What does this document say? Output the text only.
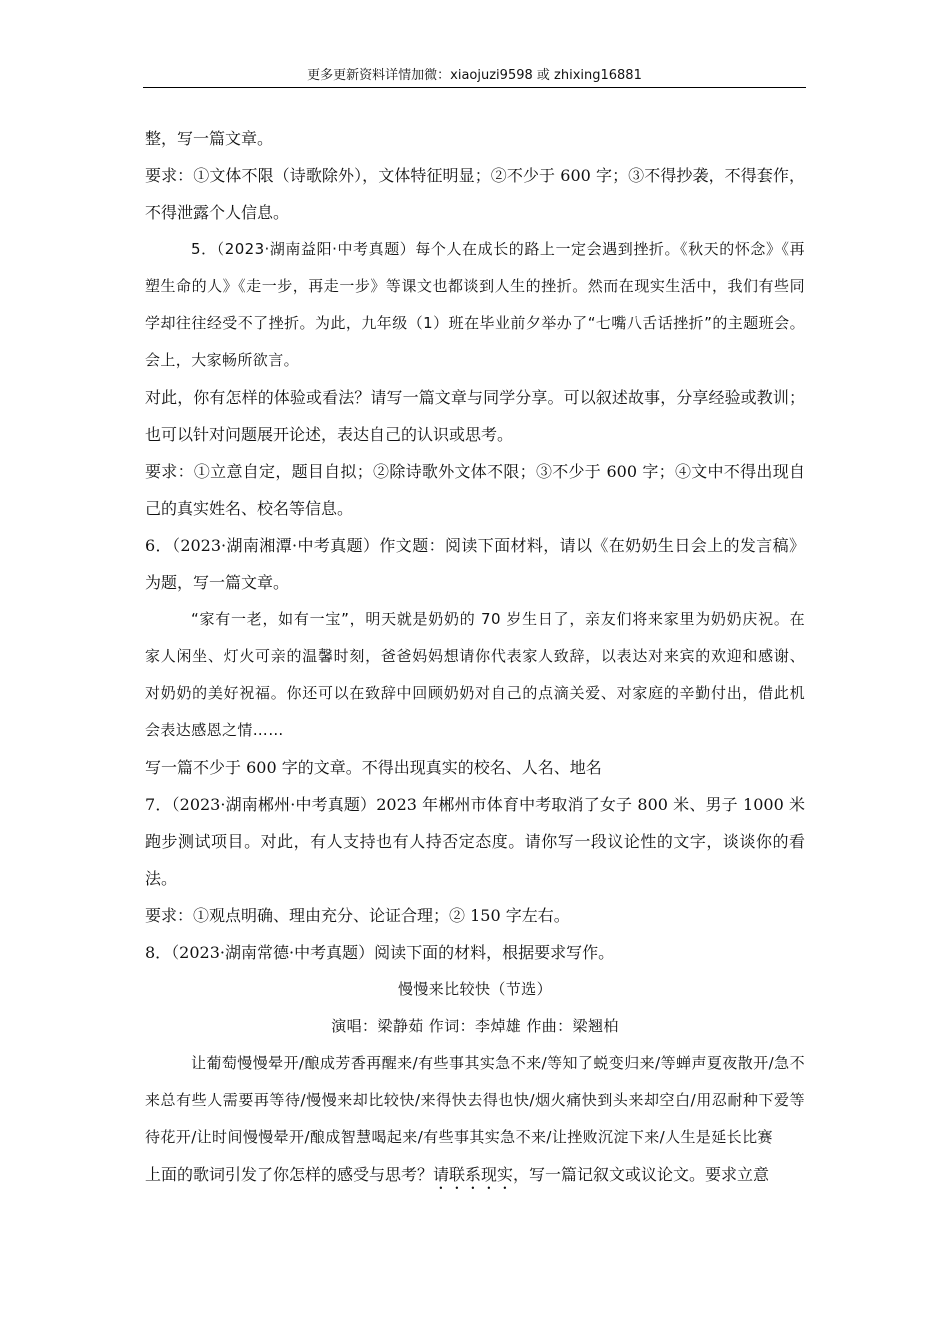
更多更新资料详情加微：xiaojuzi9598 或 zhixing16881

整，写一篇文章。

要求：①文体不限（诗歌除外），文体特征明显；②不少于 600 字；③不得抄袭，不得套作，不得泄露个人信息。

5．（2023·湖南益阳·中考真题）每个人在成长的路上一定会遇到挫折。《秋天的怀念》《再塑生命的人》《走一步，再走一步》等课文也都谈到人生的挫折。然而在现实生活中，我们有些同学却往往经受不了挫折。为此，九年级（1）班在毕业前夕举办了“七嘴八舌话挫折”的主题班会。会上，大家畅所欲言。

对此，你有怎样的体验或看法？请写一篇文章与同学分享。可以叙述故事，分享经验或教训；也可以针对问题展开论述，表达自己的认识或思考。

要求：①立意自定，题目自拟；②除诗歌外文体不限；③不少于 600 字；④文中不得出现自己的真实姓名、校名等信息。

6．（2023·湖南湘潭·中考真题）作文题：阅读下面材料，请以《在奶奶生日会上的发言稿》为题，写一篇文章。

“家有一老，如有一宝”，明天就是奶奶的 70 岁生日了，亲友们将来家里为奶奶庆祝。在家人闲坐、灯火可亲的温馨时刻，爸爸妈妈想请你代表家人致辞，以表达对来宾的欢迎和感谢、对奶奶的美好祝福。你还可以在致辞中回顾奶奶对自己的点滴关爱、对家庭的辛勤付出，借此机会表达感恩之情……

写一篇不少于 600 字的文章。不得出现真实的校名、人名、地名

7．（2023·湖南郴州·中考真题）2023 年郴州市体育中考取消了女子 800 米、男子 1000 米跑步测试项目。对此，有人支持也有人持否定态度。请你写一段议论性的文字，谈谈你的看法。

要求：①观点明确、理由充分、论证合理；② 150 字左右。

8．（2023·湖南常德·中考真题）阅读下面的材料，根据要求写作。

慢慢来比较快（节选）

演唱：梁静茹 作词：李焯雄 作曲：梁翘柏

让葡萄慢慢晕开/酿成芳香再醒来/有些事其实急不来/等知了蜕变归来/等蝉声夏夜散开/急不来总有些人需要再等待/慢慢来却比较快/来得快去得也快/烟火痛快到头来却空白/用忍耐种下爱等待花开/让时间慢慢晕开/酿成智慧喝起来/有些事其实急不来/让挫败沉淀下来/人生是延长比赛

上面的歌词引发了你怎样的感受与思考？请联系现实，写一篇记叙文或议论文。要求立意
